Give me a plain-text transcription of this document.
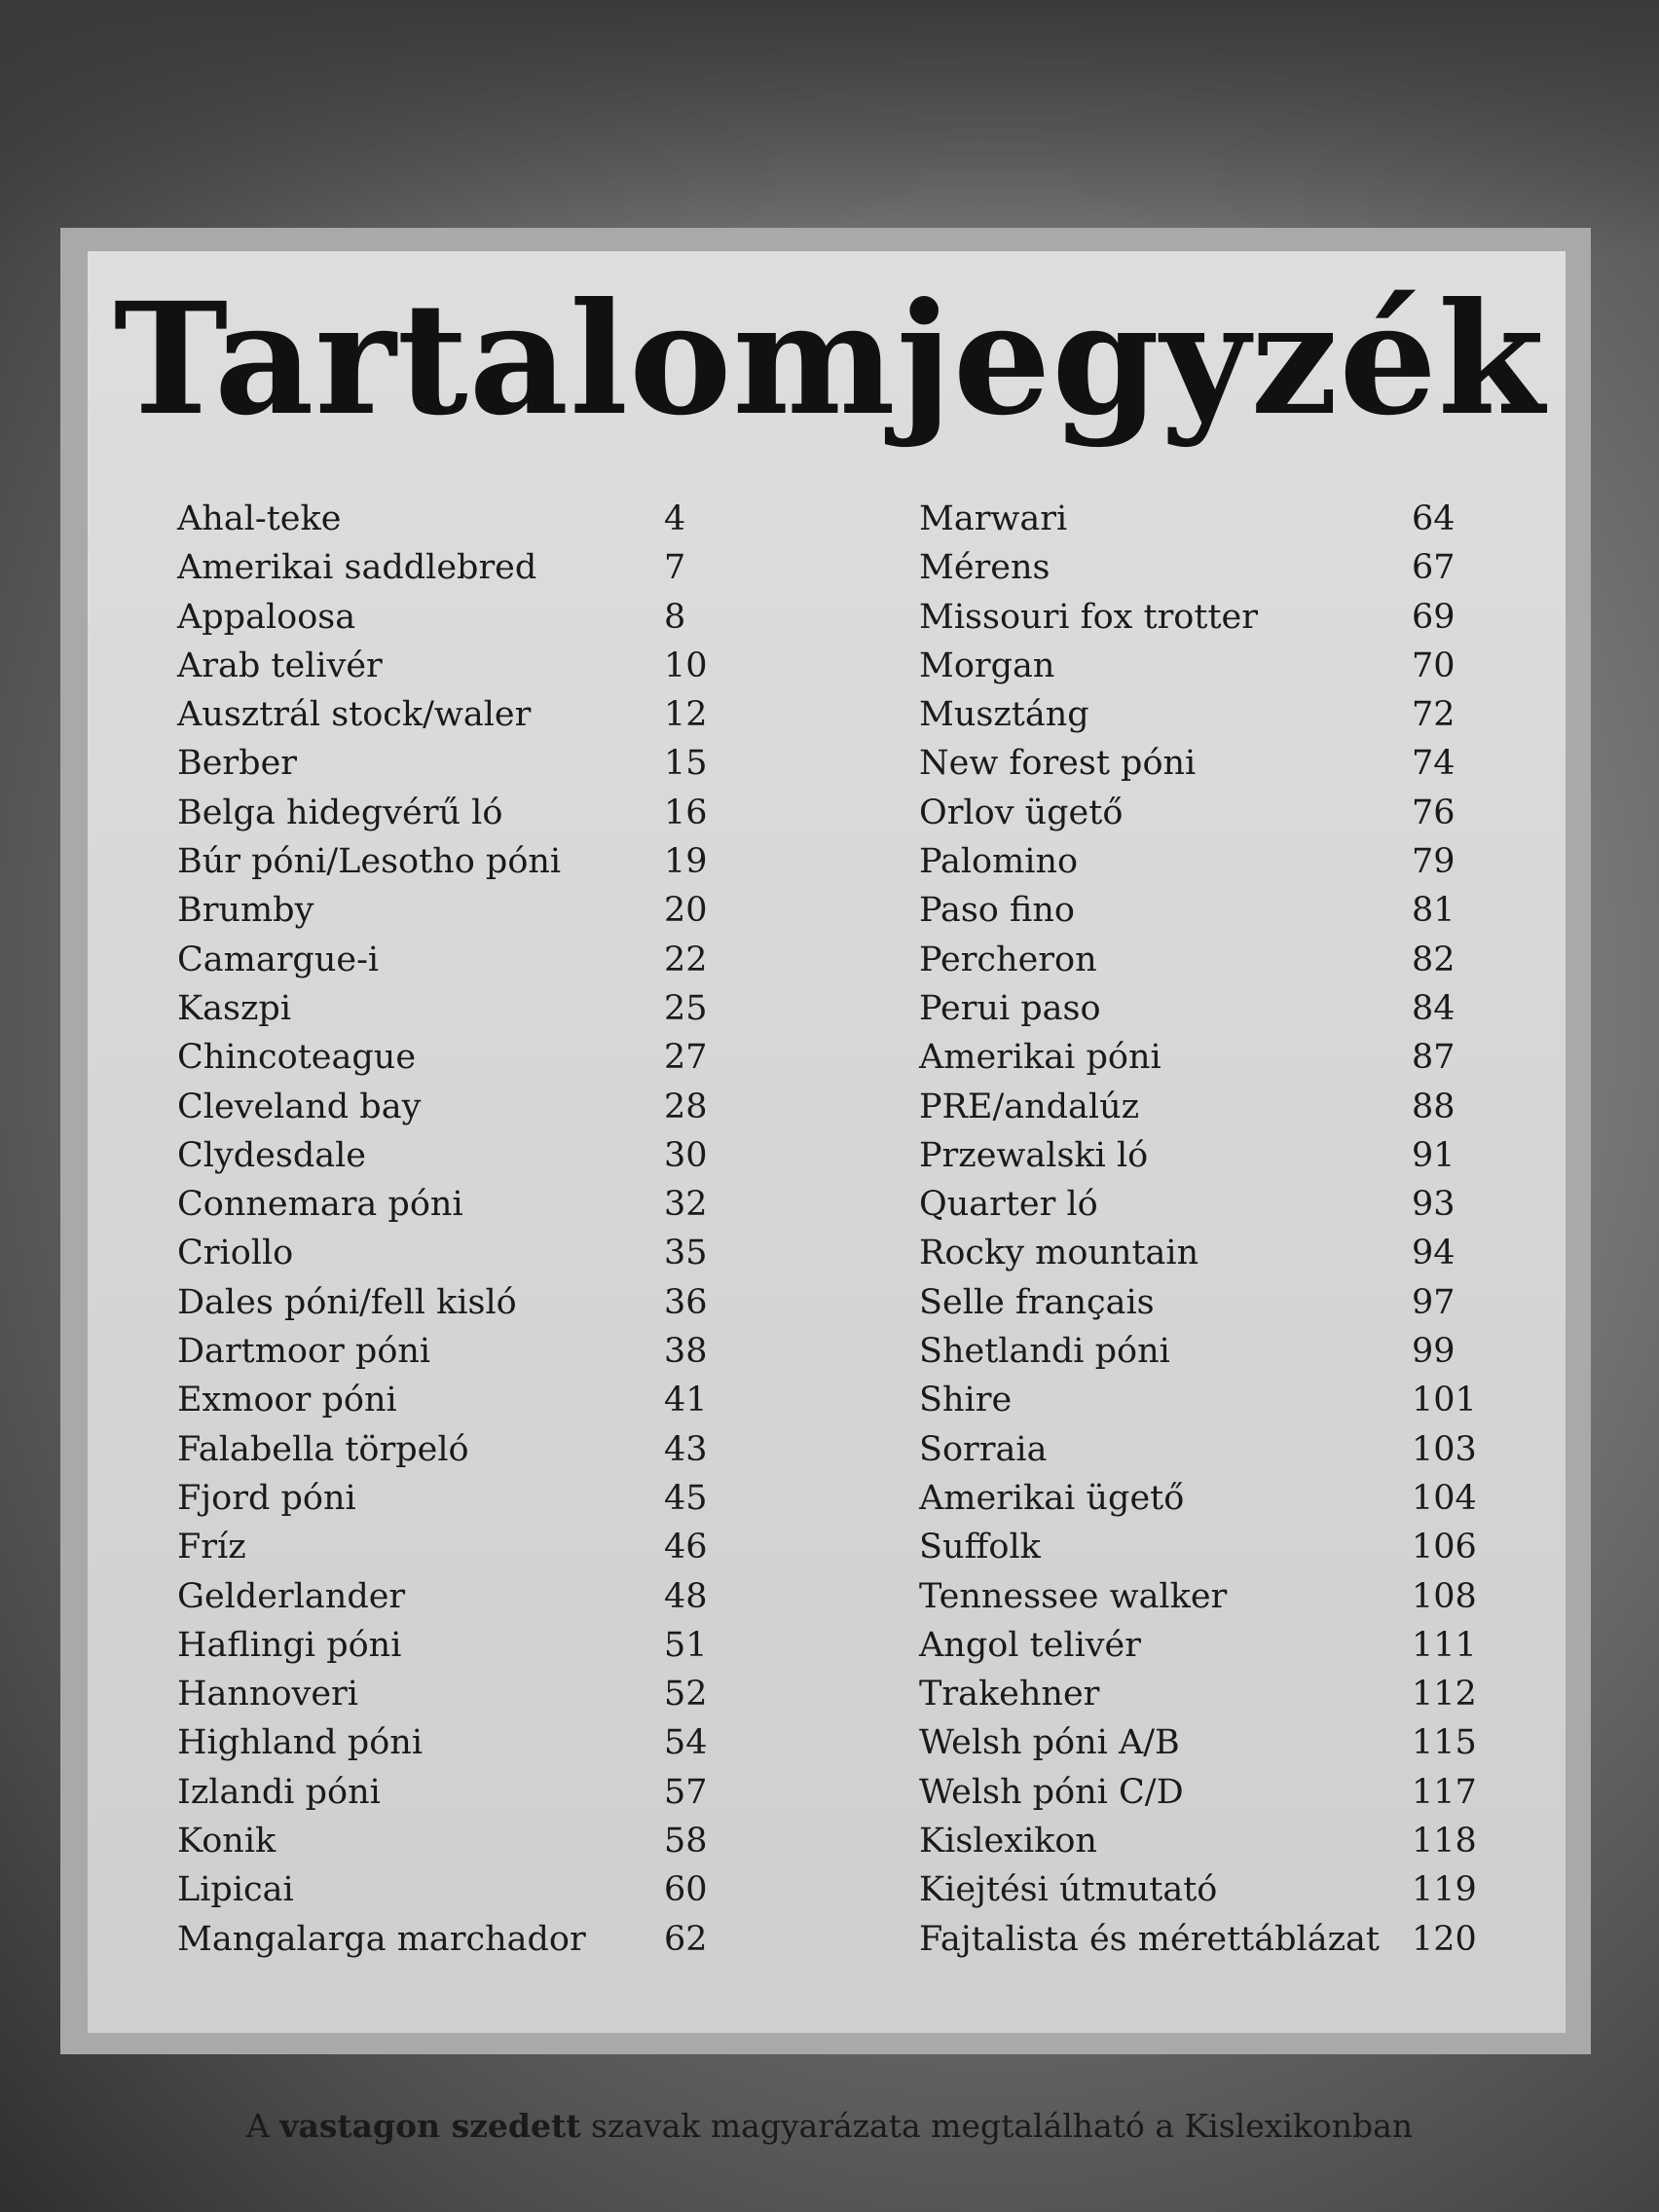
Tartalomjegyzék
Ahal-teke	4
Amerikai saddlebred	7
Appaloosa	8
Arab telivér	10
Ausztrál stock/waler	12
Berber	15
Belga hidegvérű ló	16
Búr póni/Lesotho póni	19
Brumby	20
Camargue-i	22
Kaszpi	25
Chincoteague	27
Cleveland bay	28
Clydesdale	30
Connemara póni	32
Criollo	35
Dales póni/fell kisló	36
Dartmoor póni	38
Exmoor póni	41
Falabella törpeló	43
Fjord póni	45
Fríz	46
Gelderlander	48
Haflingi póni	51
Hannoveri	52
Highland póni	54
Izlandi póni	57
Konik	58
Lipicai	60
Mangalarga marchador 62
Marwari	64
Mérens	67
Missouri fox trotter	69
Morgan	70
Musztáng	72
New forest póni	74
Orlov ügető	76
Palomino	79
Paso fino	81
Percheron	82
Perui paso	84
Amerikai póni	87
PRE/andalúz	88
Przewalski ló	91
Quarter ló	93
Rocky mountain	94
Selle français	97
Shetlandi póni	99
Shire	101
Sorraia	103
Amerikai ügető	104
Suffolk	106
Tennessee walker	108
Angol telivér	111
Trakehner	112
Welsh póni A/B	115
Welsh póni C/D	117
Kislexikon	118
Kiejtési útmutató	119
Fajtalista és mérettáblázat 120

A vastagon szedett szavak magyarázata megtalálható a Kislexikonban
